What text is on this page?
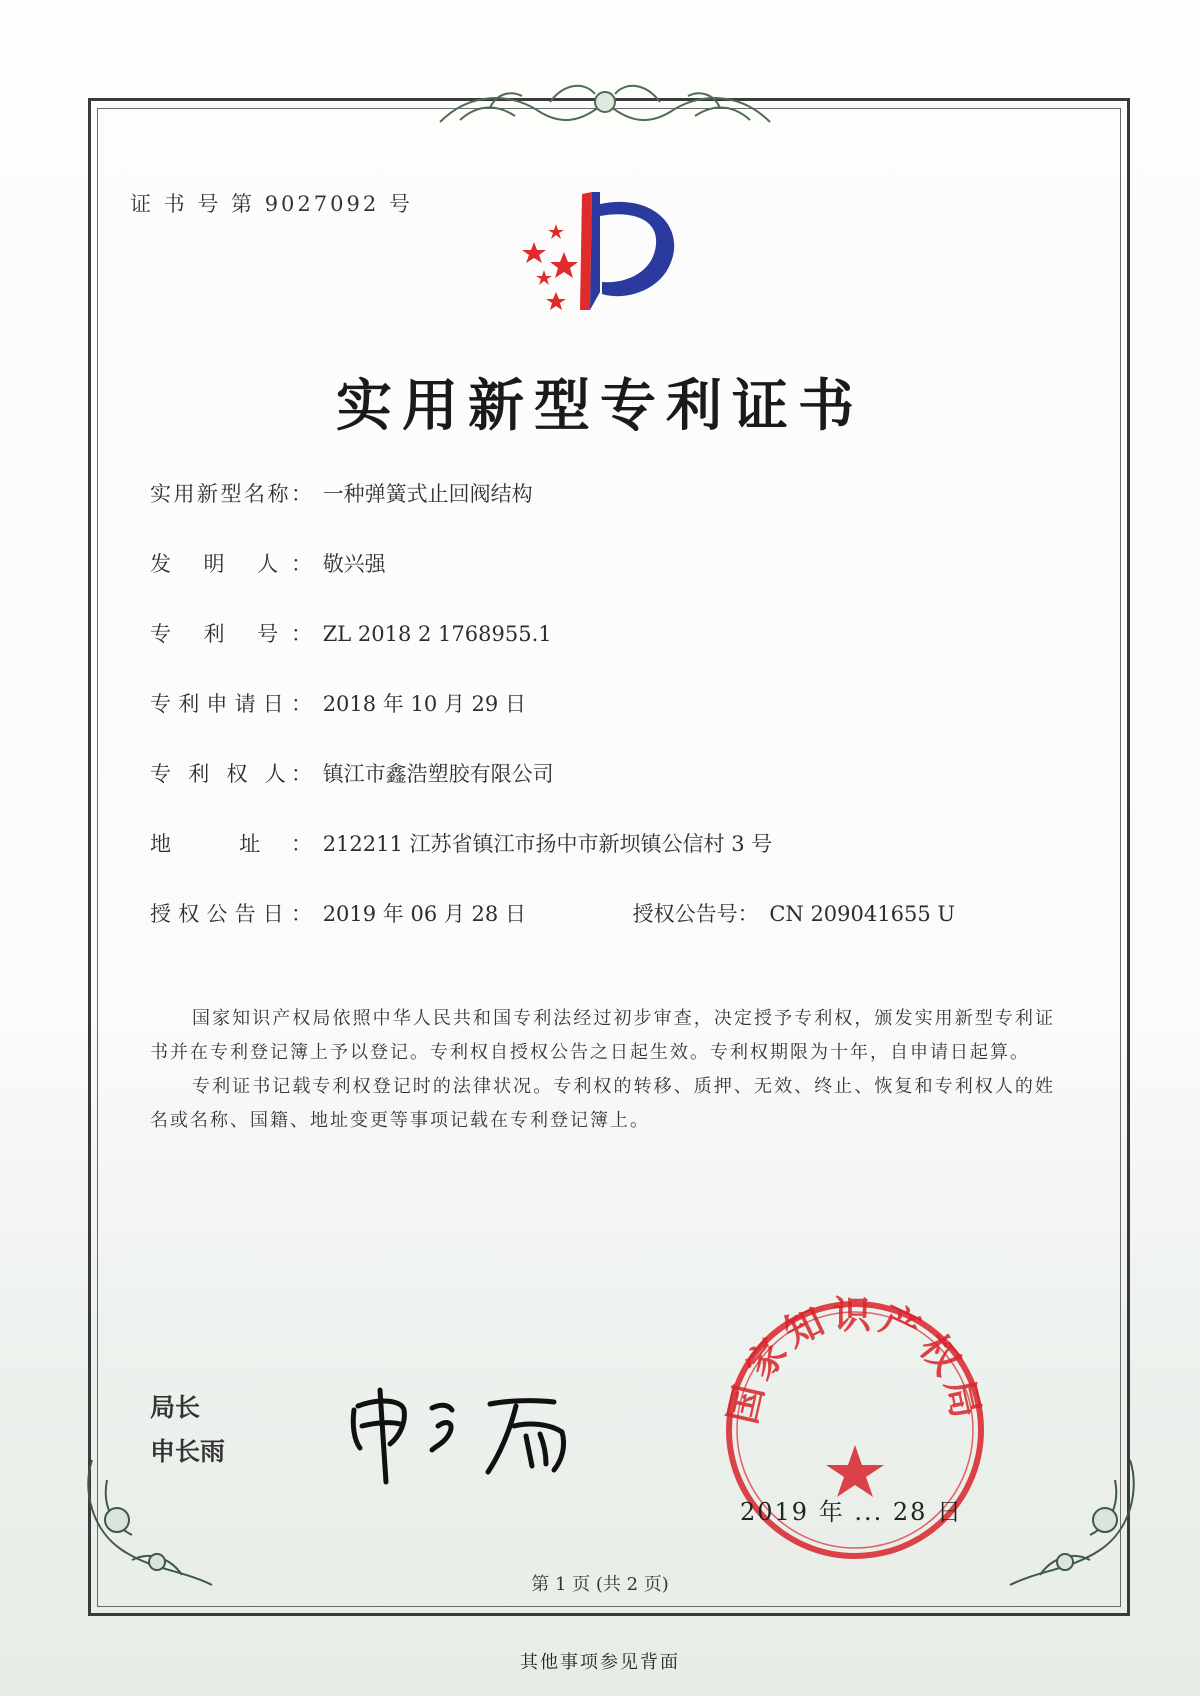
证 书 号 第 9027092 号
实用新型专利证书
实用新型名称： 一种弹簧式止回阀结构
发 明 人： 敬兴强
专 利 号： ZL 2018 2 1768955.1
专利申请日： 2018 年 10 月 29 日
专 利 权 人： 镇江市鑫浩塑胶有限公司
地 址： 212211 江苏省镇江市扬中市新坝镇公信村 3 号
授权公告日： 2019 年 06 月 28 日	授权公告号： CN 209041655 U

国家知识产权局依照中华人民共和国专利法经过初步审查，决定授予专利权，颁发实用新型专利证书并在专利登记簿上予以登记。专利权自授权公告之日起生效。专利权期限为十年，自申请日起算。

专利证书记载专利权登记时的法律状况。专利权的转移、质押、无效、终止、恢复和专利权人的姓名或名称、国籍、地址变更等事项记载在专利登记簿上。

局长
申长雨
国家知识产权局
2019 年 ... 28 日
第 1 页 (共 2 页)
其他事项参见背面
